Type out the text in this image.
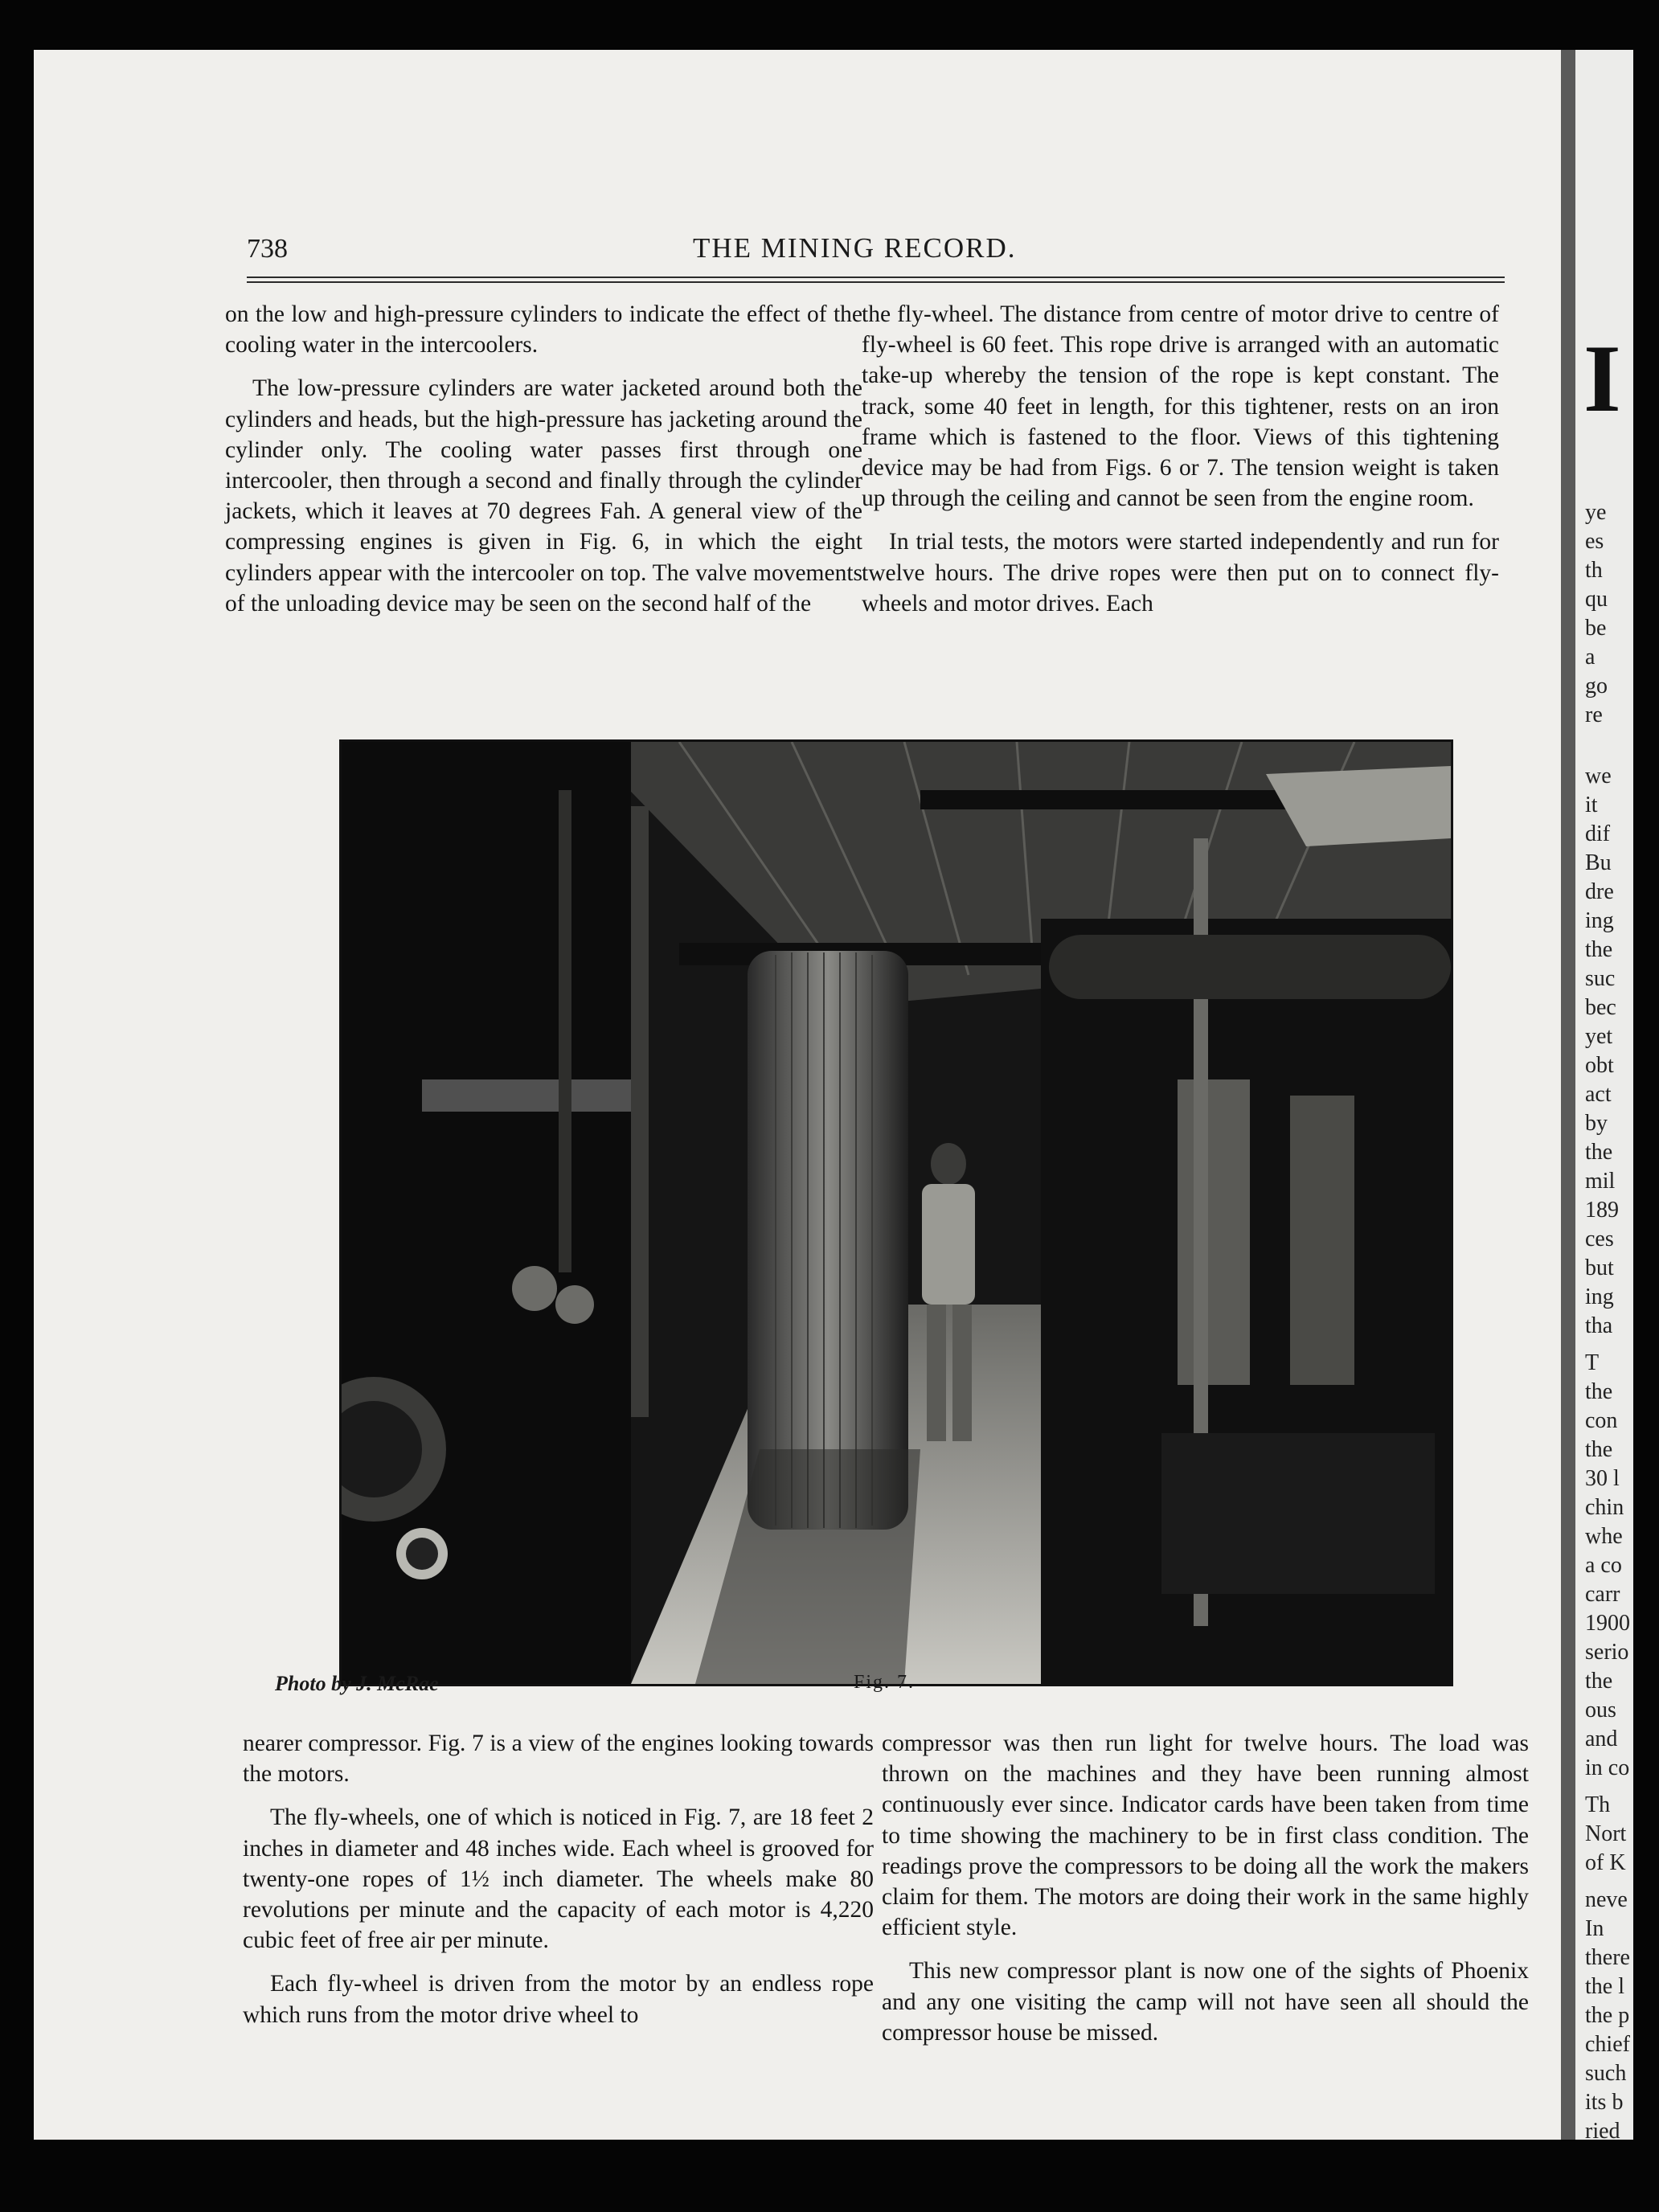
738	THE MINING RECORD.

on the low and high-pressure cylinders to indicate the effect of the cooling water in the intercoolers.

The low-pressure cylinders are water jacketed around both the cylinders and heads, but the high-pressure has jacketing around the cylinder only. The cooling water passes first through one intercooler, then through a second and finally through the cylinder jackets, which it leaves at 70 degrees Fah. A general view of the compressing engines is given in Fig. 6, in which the eight cylinders appear with the intercooler on top. The valve movements of the unloading device may be seen on the second half of the

the fly-wheel. The distance from centre of motor drive to centre of fly-wheel is 60 feet. This rope drive is arranged with an automatic take-up whereby the tension of the rope is kept constant. The track, some 40 feet in length, for this tightener, rests on an iron frame which is fastened to the floor. Views of this tightening device may be had from Figs. 6 or 7. The tension weight is taken up through the ceiling and cannot be seen from the engine room.

In trial tests, the motors were started independently and run for twelve hours. The drive ropes were then put on to connect fly-wheels and motor drives. Each

Photo by J. McRae	Fig. 7.

nearer compressor. Fig. 7 is a view of the engines looking towards the motors.

The fly-wheels, one of which is noticed in Fig. 7, are 18 feet 2 inches in diameter and 48 inches wide. Each wheel is grooved for twenty-one ropes of 1½ inch diameter. The wheels make 80 revolutions per minute and the capacity of each motor is 4,220 cubic feet of free air per minute.

Each fly-wheel is driven from the motor by an endless rope which runs from the motor drive wheel to

compressor was then run light for twelve hours. The load was thrown on the machines and they have been running almost continuously ever since. Indicator cards have been taken from time to time showing the machinery to be in first class condition. The readings prove the compressors to be doing all the work the makers claim for them. The motors are doing their work in the same highly efficient style.

This new compressor plant is now one of the sights of Phoenix and any one visiting the camp will not have seen all should the compressor house be missed.

I
ye
es
th
qu
be
a
go
re
we
it
dif
Bu
dre
ing
the
suc
bec
yet
obt
act
by
the
mil
189
ces
but
ing
tha
T
the
con
the
30 l
chin
whe
a co
carr
1900
serio
the
ous
and
in co
Th
Nort
of K
neve
In
there
the l
the p
chief
such
its b
ried
